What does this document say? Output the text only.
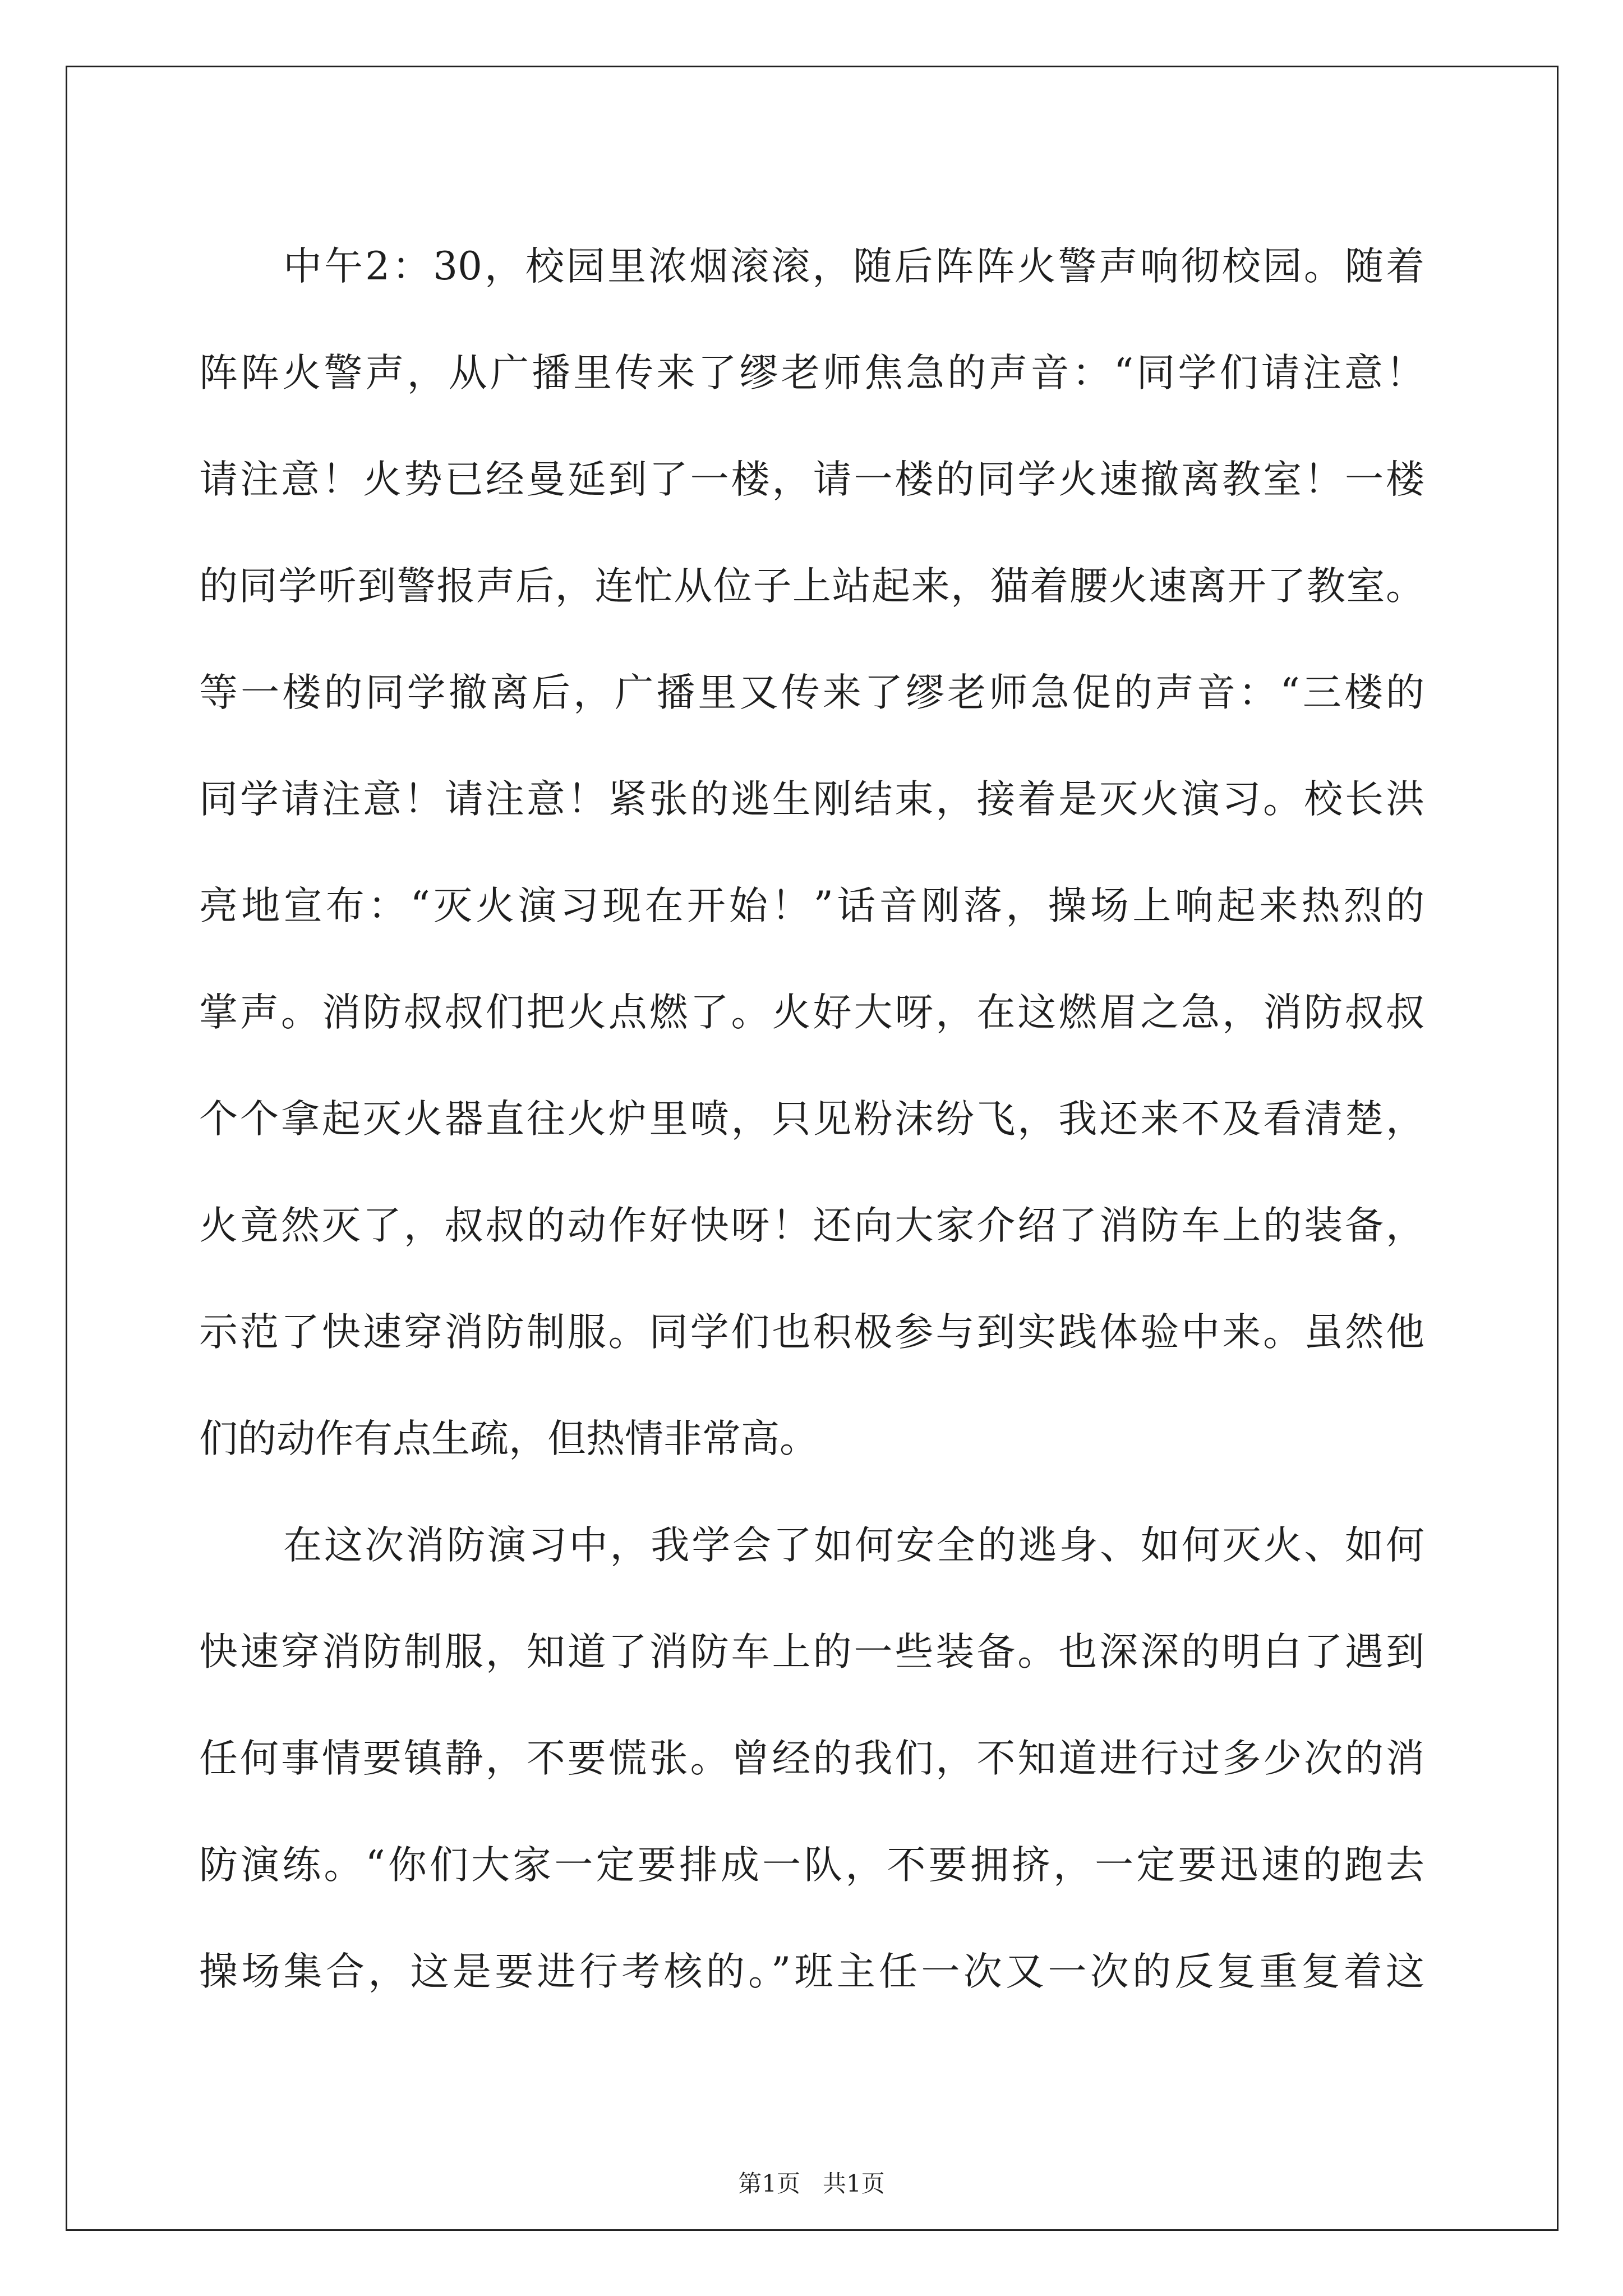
中午2：30，校园里浓烟滚滚，随后阵阵火警声响彻校园。随着
阵阵火警声，从广播里传来了缪老师焦急的声音：“同学们请注意！
请注意！火势已经曼延到了一楼，请一楼的同学火速撤离教室！一楼
的同学听到警报声后，连忙从位子上站起来，猫着腰火速离开了教室。
等一楼的同学撤离后，广播里又传来了缪老师急促的声音：“三楼的
同学请注意！请注意！紧张的逃生刚结束，接着是灭火演习。校长洪
亮地宣布：“灭火演习现在开始！”话音刚落，操场上响起来热烈的
掌声。消防叔叔们把火点燃了。火好大呀，在这燃眉之急，消防叔叔
个个拿起灭火器直往火炉里喷，只见粉沫纷飞，我还来不及看清楚，
火竟然灭了，叔叔的动作好快呀！还向大家介绍了消防车上的装备，
示范了快速穿消防制服。同学们也积极参与到实践体验中来。虽然他
们的动作有点生疏，但热情非常高。
在这次消防演习中，我学会了如何安全的逃身、如何灭火、如何
快速穿消防制服，知道了消防车上的一些装备。也深深的明白了遇到
任何事情要镇静，不要慌张。曾经的我们，不知道进行过多少次的消
防演练。“你们大家一定要排成一队，不要拥挤，一定要迅速的跑去
操场集合，这是要进行考核的。”班主任一次又一次的反复重复着这
第1页 共1页
